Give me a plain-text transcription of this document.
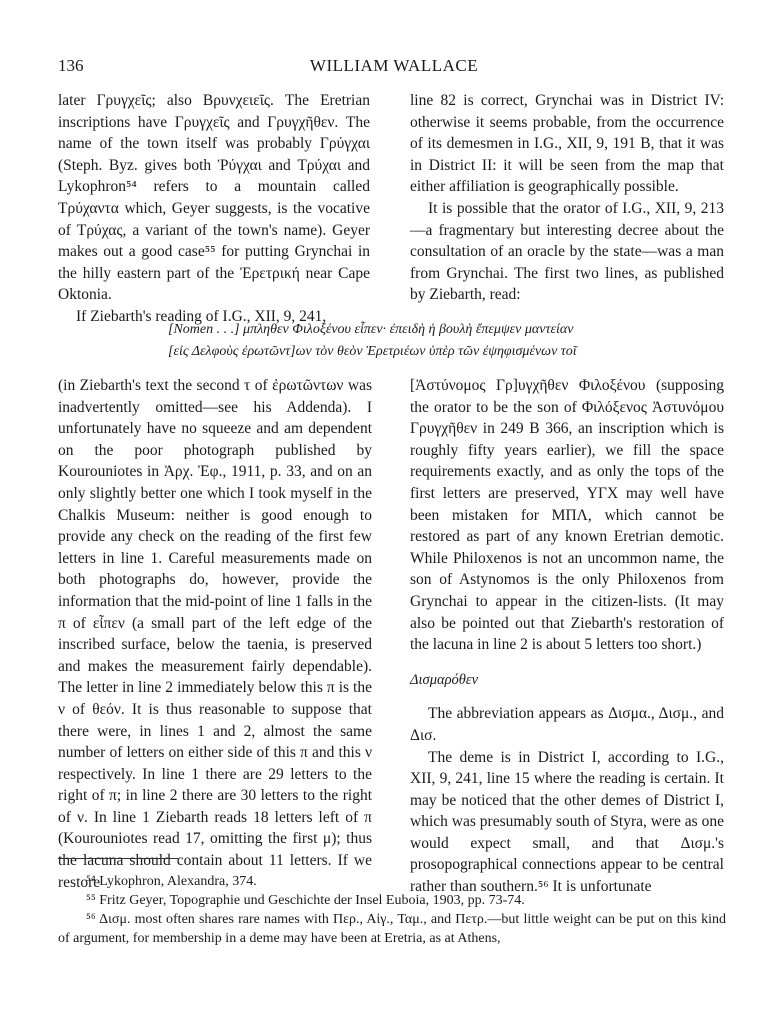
136	WILLIAM WALLACE

later Γρυγχεῖς; also Βρυνχειεῖς. The Eretrian inscriptions have Γρυγχεῖς and Γρυγχῆθεν. The name of the town itself was probably Γρύγχαι (Steph. Byz. gives both Ῥύγχαι and Τρύχαι and Lykophron⁵⁴ refers to a mountain called Τρύχαντα which, Geyer suggests, is the vocative of Τρύχας, a variant of the town's name). Geyer makes out a good case⁵⁵ for putting Grynchai in the hilly eastern part of the Ἐρετρική near Cape Oktonia.

If Ziebarth's reading of I.G., XII, 9, 241,

line 82 is correct, Grynchai was in District IV: otherwise it seems probable, from the occurrence of its demesmen in I.G., XII, 9, 191 B, that it was in District II: it will be seen from the map that either affiliation is geographically possible.

It is possible that the orator of I.G., XII, 9, 213—a fragmentary but interesting decree about the consultation of an oracle by the state—was a man from Grynchai. The first two lines, as published by Ziebarth, read:

[Nomen . . .] μπληθεν Φιλοξένου εἶπεν· ἐπειδὴ ἡ βουλὴ ἔπεμψεν μαντείαν
[εἰς Δελφοὺς ἐρωτῶντ]ων τὸν θεὸν Ἐρετριέων ὑπὲρ τῶν ἐψηφισμένων τοῖ

(in Ziebarth's text the second τ of ἐρωτῶντων was inadvertently omitted—see his Addenda). I unfortunately have no squeeze and am dependent on the poor photograph published by Kourouniotes in Ἀρχ. Ἐφ., 1911, p. 33, and on an only slightly better one which I took myself in the Chalkis Museum: neither is good enough to provide any check on the reading of the first few letters in line 1. Careful measurements made on both photographs do, however, provide the information that the mid-point of line 1 falls in the π of εἶπεν (a small part of the left edge of the inscribed surface, below the taenia, is preserved and makes the measurement fairly dependable). The letter in line 2 immediately below this π is the ν of θεόν. It is thus reasonable to suppose that there were, in lines 1 and 2, almost the same number of letters on either side of this π and this ν respectively. In line 1 there are 29 letters to the right of π; in line 2 there are 30 letters to the right of ν. In line 1 Ziebarth reads 18 letters left of π (Kourouniotes read 17, omitting the first μ); thus the lacuna should contain about 11 letters. If we restore

[Ἀστύνομος Γρ]υγχῆθεν Φιλοξένου (supposing the orator to be the son of Φιλόξενος Ἀστυνόμου Γρυγχῆθεν in 249 B 366, an inscription which is roughly fifty years earlier), we fill the space requirements exactly, and as only the tops of the first letters are preserved, ΥΓΧ may well have been mistaken for ΜΠΛ, which cannot be restored as part of any known Eretrian demotic. While Philoxenos is not an uncommon name, the son of Astynomos is the only Philoxenos from Grynchai to appear in the citizen-lists. (It may also be pointed out that Ziebarth's restoration of the lacuna in line 2 is about 5 letters too short.)

Δισμαρόθεν

The abbreviation appears as Δισμα., Δισμ., and Δισ.

The deme is in District I, according to I.G., XII, 9, 241, line 15 where the reading is certain. It may be noticed that the other demes of District I, which was presumably south of Styra, were as one would expect small, and that Δισμ.'s prosopographical connections appear to be central rather than southern.⁵⁶ It is unfortunate

⁵⁴ Lykophron, Alexandra, 374.

⁵⁵ Fritz Geyer, Topographie und Geschichte der Insel Euboia, 1903, pp. 73-74.

⁵⁶ Δισμ. most often shares rare names with Περ., Αἰγ., Ταμ., and Πετρ.—but little weight can be put on this kind of argument, for membership in a deme may have been at Eretria, as at Athens,
